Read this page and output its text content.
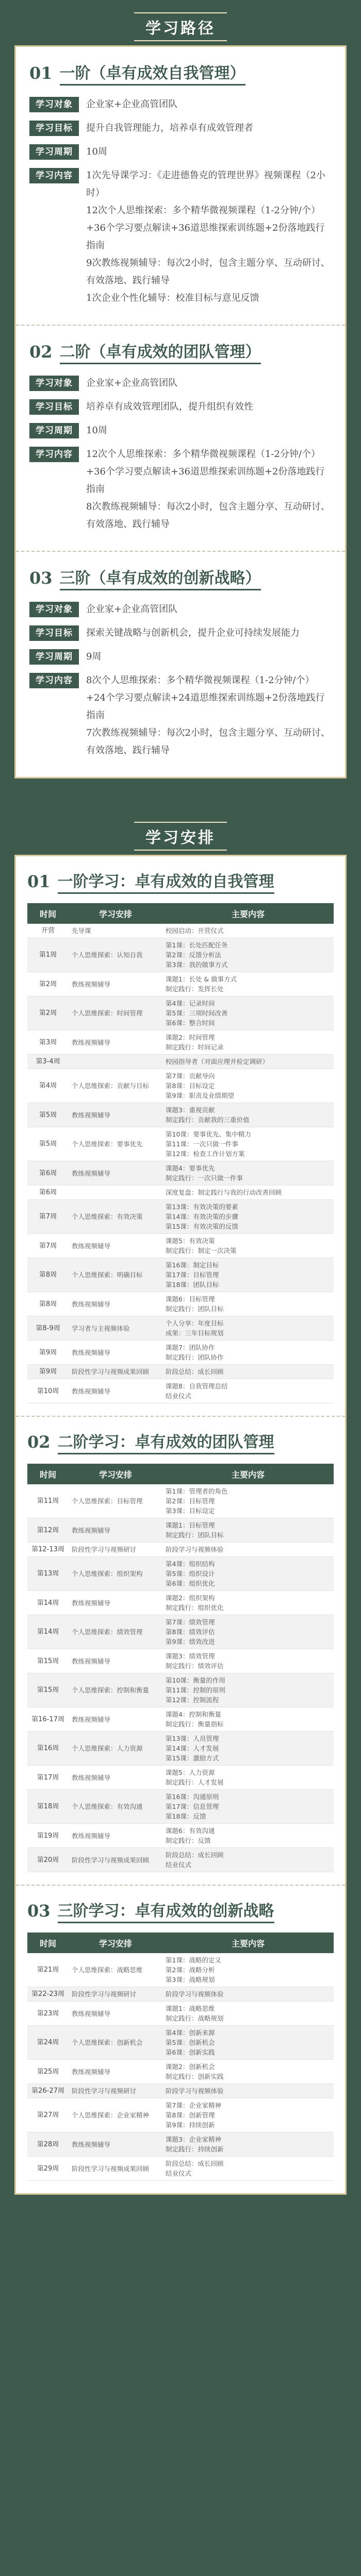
学习路径
01 一阶（卓有成效自我管理）
学习对象	企业家+企业高管团队
学习目标	提升自我管理能力，培养卓有成效管理者
学习周期	10周
学习内容	1次先导课学习：《走进德鲁克的管理世界》视频课程（2小时）
12次个人思维探索：多个精华微视频课程（1-2分钟/个）+36个学习要点解读+36道思维探索训练题+2份落地践行指南
9次教练视频辅导：每次2小时，包含主题分享、互动研讨、有效落地、践行辅导
1次企业个性化辅导：校准目标与意见反馈
02 二阶（卓有成效的团队管理）
学习对象	企业家+企业高管团队
学习目标	培养卓有成效管理团队，提升组织有效性
学习周期	10周
学习内容	12次个人思维探索：多个精华微视频课程（1-2分钟/个）+36个学习要点解读+36道思维探索训练题+2份落地践行指南
8次教练视频辅导：每次2小时，包含主题分享、互动研讨、有效落地、践行辅导
03 三阶（卓有成效的创新战略）
学习对象	企业家+企业高管团队
学习目标	探索关键战略与创新机会，提升企业可持续发展能力
学习周期	9周
学习内容	8次个人思维探索：多个精华微视频课程（1-2分钟/个）+24个学习要点解读+24道思维探索训练题+2份落地践行指南
7次教练视频辅导：每次2小时，包含主题分享、互动研讨、有效落地、践行辅导
学习安排
01 一阶学习：卓有成效的自我管理
时间	学习安排	主要内容
开营	先导课	校园启动：开营仪式

第1周	个人思维探索：认知自我	第1课：长处匹配任务
第2课：反馈分析法
第3课：我的做事方式

第2周	教练视频辅导	课题1：长处 & 做事方式
制定践行：发挥长处

第2周	个人思维探索：时间管理	第4课：记录时间
第5课：三项时间改善
第6课：整合时间

第3周	教练视频辅导	课题2：时间管理
制定践行：时间记录

第3-4周		校园指导者（对面应理并检定调研）

第4周	个人思维探索：贡献与目标	第7课：贡献导向
第8课：目标设定
第9课：职责及业绩期望

第5周	教练视频辅导	课题3：重视贡献
制定践行：贡献我的三重价值

第5周	个人思维探索：要事优先	第10课：要事优先、集中精力
第11课：一次只做一件事
第12课：检查工作计划方案

第6周	教练视频辅导	课题4：要事优先
制定践行：一次只做一件事

第6周		深度复盘：制定践行与我的行动改善回顾

第7周	个人思维探索：有效决策	第13课：有效决策的要素
第14课：有效决策的步骤
第15课：有效决策的反馈

第7周	教练视频辅导	课题5：有效决策
制定践行：制定一次决策

第8周	个人思维探索：明确目标	第16课：制定目标
第17课：目标管理
第18课：团队目标

第8周	教练视频辅导	课题6：目标管理
制定践行：团队目标

第8-9周	学习者与主视频体验	个人分享：年度目标
成果：三年目标规划

第9周	教练视频辅导	课题7：团队协作
制定践行：团队协作

第9周	阶段性学习与视频成果回顾	阶段总结：成长回顾

第10周	教练视频辅导	课题8：自我管理总结
结业仪式
02 二阶学习：卓有成效的团队管理
时间	学习安排	主要内容
第11周	个人思维探索：目标管理	第1课：管理者的角色
第2课：目标管理
第3课：目标设定

第12周	教练视频辅导	课题1：目标管理
制定践行：团队目标

第12-13周	阶段性学习与视频研讨	阶段学习与视频体验

第13周	个人思维探索：组织架构	第4课：组织结构
第5课：组织设计
第6课：组织优化

第14周	教练视频辅导	课题2：组织架构
制定践行：组织优化

第14周	个人思维探索：绩效管理	第7课：绩效管理
第8课：绩效评估
第9课：绩效改进

第15周	教练视频辅导	课题3：绩效管理
制定践行：绩效评估

第15周	个人思维探索：控制和衡量	第10课：衡量的作用
第11课：控制的原则
第12课：控制流程

第16-17周	教练视频辅导	课题4：控制和衡量
制定践行：衡量指标

第16周	个人思维探索：人力资源	第13课：人员管理
第14课：人才发展
第15课：激励方式

第17周	教练视频辅导	课题5：人力资源
制定践行：人才发展

第18周	个人思维探索：有效沟通	第16课：沟通原则
第17课：信息管理
第18课：反馈

第19周	教练视频辅导	课题6：有效沟通
制定践行：反馈

第20周	阶段性学习与视频成果回顾	阶段总结：成长回顾
结业仪式
03 三阶学习：卓有成效的创新战略
时间	学习安排	主要内容
第21周	个人思维探索：战略思维	第1课：战略的定义
第2课：战略分析
第3课：战略规划

第22-23周	阶段性学习与视频研讨	阶段学习与视频体验

第23周	教练视频辅导	课题1：战略思维
制定践行：战略规划

第24周	个人思维探索：创新机会	第4课：创新来源
第5课：创新机会
第6课：创新实践

第25周	教练视频辅导	课题2：创新机会
制定践行：创新实践

第26-27周	阶段性学习与视频研讨	阶段学习与视频体验

第27周	个人思维探索：企业家精神	第7课：企业家精神
第8课：创新管理
第9课：持续创新

第28周	教练视频辅导	课题3：企业家精神
制定践行：持续创新

第29周	阶段性学习与视频成果回顾	阶段总结：成长回顾
结业仪式
